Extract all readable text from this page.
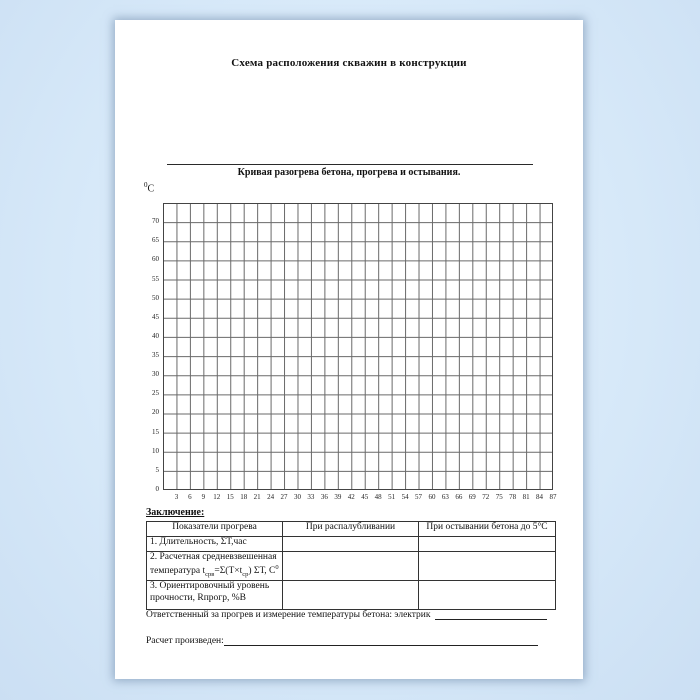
Схема расположения скважин в конструкции
Кривая разогрева бетона, прогрева и остывания.
$^0$С
3	6	9	12 15 18 21 24 27 30 33 36 39 42 45 48 51 54 57 60 63 66 69 72 75 78 81 84 87
0
5
10
15
20
25
30
35
40
45
50
55
60
65
70
Заключение:
Показатели прогрева	При распалубливании	При остывании бетона до 5°С
1. Длительность, ΣТ,час		
2. Расчетная средневзвешенная температура $t_{срв}=\Sigma(Т\times t_{ср})$ ΣТ, $С^0$		
3. Ориентировочный уровень прочности, Rпрогр, %В		
Ответственный за прогрев и измерение температуры бетона: электрик
Расчет произведен:
